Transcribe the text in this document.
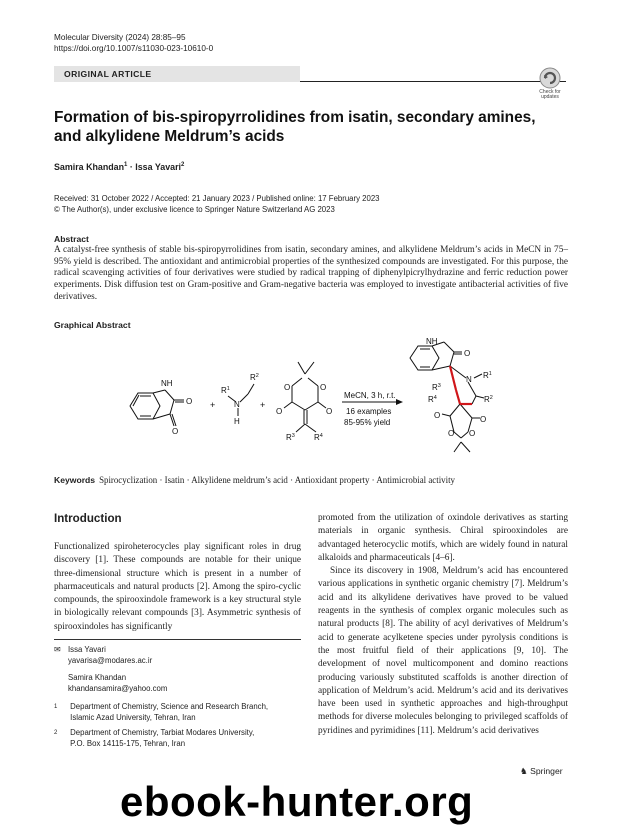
Molecular Diversity (2024) 28:85–95
https://doi.org/10.1007/s11030-023-10610-0
ORIGINAL ARTICLE
Check for
updates
Formation of bis-spiropyrrolidines from isatin, secondary amines, and alkylidene Meldrum’s acids
Samira Khandan$^1$ · Issa Yavari$^2$
Received: 31 October 2022 / Accepted: 21 January 2023 / Published online: 17 February 2023
© The Author(s), under exclusive licence to Springer Nature Switzerland AG 2023
Abstract
A catalyst-free synthesis of stable bis-spiropyrrolidines from isatin, secondary amines, and alkylidene Meldrum’s acids in MeCN in 75–95% yield is described. The antioxidant and antimicrobial properties of the synthesized compounds are investigated. For this purpose, the radical scavenging activities of four derivatives were studied by radical trapping of diphenylpicrylhydrazine and ferric reduction power experiments. Disk diffusion test on Gram-positive and Gram-negative bacteria was employed to investigate antibacterial activities of five derivatives.
Graphical Abstract
NH
O
O
+
$R^1$
$R^2$
N
H
+
O	O
O	O
$R^3$ $R^4$
MeCN, 3 h, r.t.
16 examples
85-95% yield
NH
O
N $R^1$
$R^3$
$R^4$	$R^2$
O	O
O O
Keywords Spirocyclization · Isatin · Alkylidene meldrum’s acid · Antioxidant property · Antimicrobial activity
Introduction

Functionalized spiroheterocycles play significant roles in drug discovery [1]. These compounds are notable for their unique three-dimensional structure which is present in a number of pharmaceuticals and natural products [2]. Among the spiro-cyclic compounds, the spirooxindole framework is a key structural style in biologically relevant compounds [3]. Asymmetric synthesis of spirooxindoles has significantly

promoted from the utilization of oxindole derivatives as starting materials in organic synthesis. Chiral spirooxindoles are advantaged heterocyclic motifs, which are widely found in natural alkaloids and pharmaceuticals [4–6].

Since its discovery in 1908, Meldrum’s acid has encountered various applications in synthetic organic chemistry [7]. Meldrum’s acid and its alkylidene derivatives have proved to be valued reagents in the synthesis of complex organic molecules such as natural products [8]. The ability of acyl derivatives of Meldrum’s acid to generate acylketene species under pyrolysis conditions is the most fruitful field of their applications [9, 10]. The development of novel multicomponent and domino reactions producing variously substituted scaffolds is another direction of application of Meldrum’s acid. Meldrum’s acid and its derivatives have been used in synthetic approaches and high-throughput methods for diverse molecules belonging to privileged scaffolds of pyridines and pyrimidines [11]. Meldrum’s acid derivatives

✉ Issa Yavari
yavarisa@modares.ac.ir
Samira Khandan
khandansamira@yahoo.com
1 Department of Chemistry, Science and Research Branch,
Islamic Azad University, Tehran, Iran
2 Department of Chemistry, Tarbiat Modares University,
P.O. Box 14115-175, Tehran, Iran
♞ Springer
ebook-hunter.org
